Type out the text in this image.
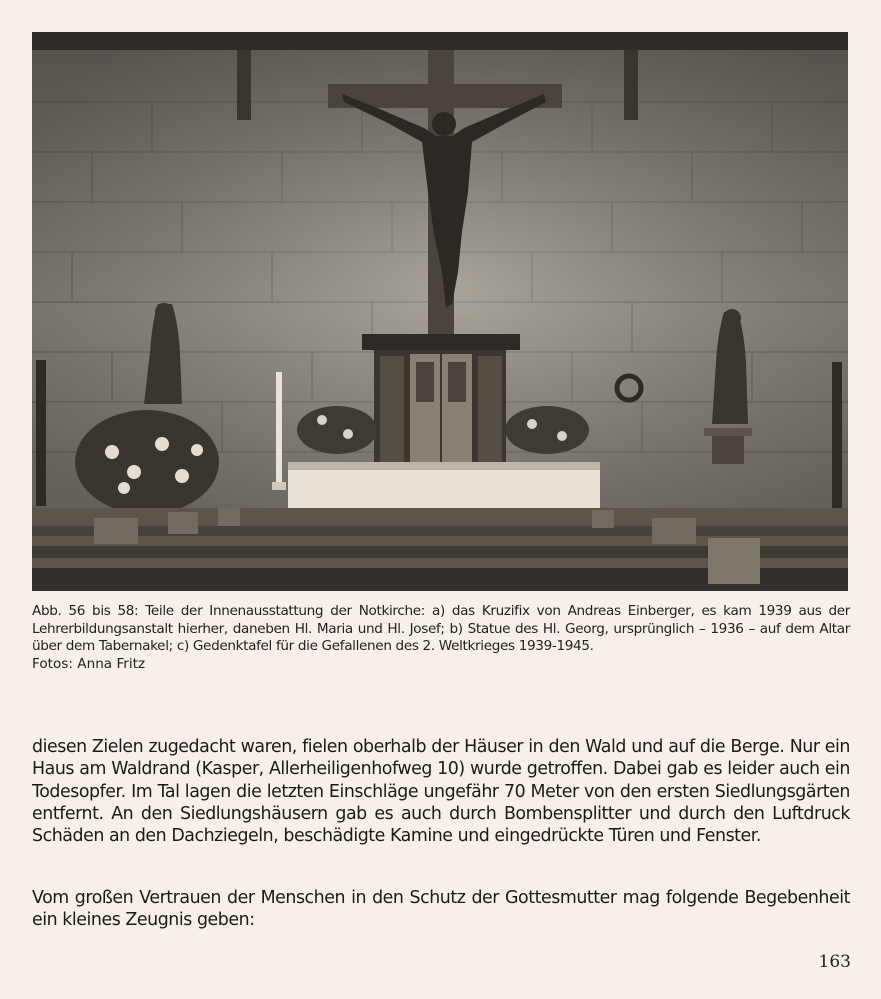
Abb. 56 bis 58: Teile der Innenausstattung der Notkirche: a) das Kruzifix von Andreas Einberger, es kam 1939 aus der Lehrerbildungsanstalt hierher, daneben Hl. Maria und Hl. Josef; b) Statue des Hl. Georg, ursprünglich – 1936 – auf dem Altar über dem Tabernakel; c) Gedenktafel für die Gefallenen des 2. Weltkrieges 1939-1945.

Fotos: Anna Fritz

diesen Zielen zugedacht waren, fielen oberhalb der Häuser in den Wald und auf die Berge. Nur ein Haus am Waldrand (Kasper, Allerheiligenhofweg 10) wurde getroffen. Dabei gab es leider auch ein Todesopfer. Im Tal lagen die letzten Einschläge ungefähr 70 Meter von den ersten Siedlungsgärten entfernt. An den Siedlungshäusern gab es auch durch Bombensplitter und durch den Luftdruck Schäden an den Dachziegeln, beschädigte Kamine und eingedrückte Türen und Fenster.

Vom großen Vertrauen der Menschen in den Schutz der Gottesmutter mag folgende Begebenheit ein kleines Zeugnis geben:

163
